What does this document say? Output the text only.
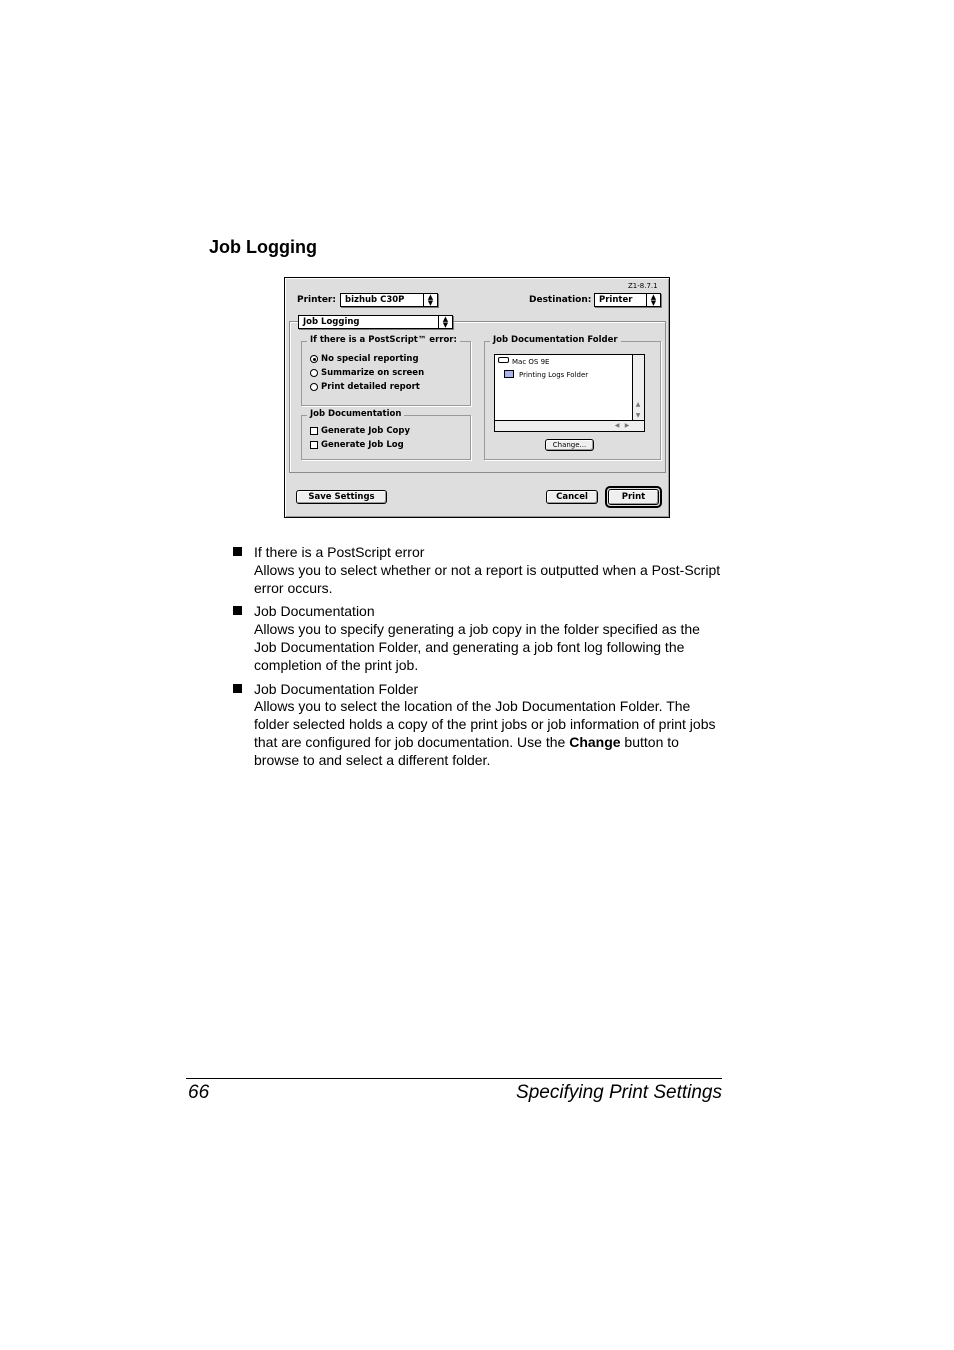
Job Logging
Z1-8.7.1
Printer:	bizhub C30P	▲
▼	Destination: Printer	▲
▼
Job Logging	▲
▼
If there is a PostScript™ error:
No special reporting
Summarize on screen
Print detailed report
Job Documentation
Generate Job Copy
Generate Job Log
Job Documentation Folder
Mac OS 9E
Printing Logs Folder
▲
▼
◀ ▶
Change...
Save Settings	Cancel	Print

If there is a PostScript error

Allows you to select whether or not a report is outputted when a Post-Script error occurs.

Job Documentation

Allows you to specify generating a job copy in the folder specified as the Job Documentation Folder, and generating a job font log following the completion of the print job.

Job Documentation Folder

Allows you to select the location of the Job Documentation Folder. The folder selected holds a copy of the print jobs or job information of print jobs that are configured for job documentation. Use the Change button to browse to and select a different folder.

66	Specifying Print Settings
